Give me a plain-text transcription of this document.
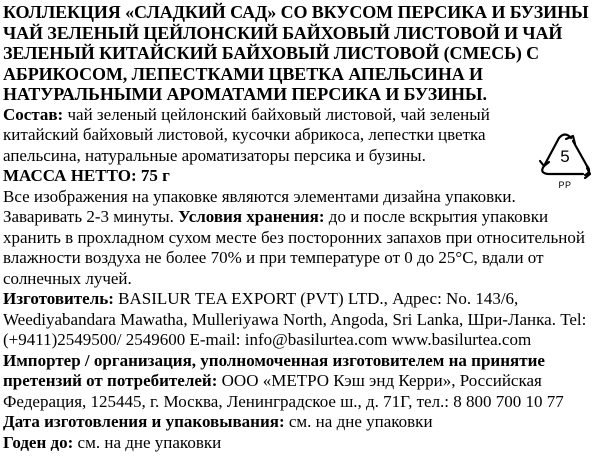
КОЛЛЕКЦИЯ «СЛАДКИЙ САД» СО ВКУСОМ ПЕРСИКА И БУЗИНЫ ЧАЙ ЗЕЛЕНЫЙ ЦЕЙЛОНСКИЙ БАЙХОВЫЙ ЛИСТОВОЙ И ЧАЙ ЗЕЛЕНЫЙ КИТАЙСКИЙ БАЙХОВЫЙ ЛИСТОВОЙ (СМЕСЬ) С АБРИКОСОМ, ЛЕПЕСТКАМИ ЦВЕТКА АПЕЛЬСИНА И НАТУРАЛЬНЫМИ АРОМАТАМИ ПЕРСИКА И БУЗИНЫ.

Состав: чай зеленый цейлонский байховый листовой, чай зеленый китайский байховый листовой, кусочки абрикоса, лепестки цветка апельсина, натуральные ароматизаторы персика и бузины.

МАССА НЕТТО: 75 г

Все изображения на упаковке являются элементами дизайна упаковки.

Заваривать 2-3 минуты. Условия хранения: до и после вскрытия упаковки хранить в прохладном сухом месте без посторонних запахов при относительной влажности воздуха не более 70% и при температуре от 0 до 25°С, вдали от солнечных лучей.

Изготовитель: BASILUR TEA EXPORT (PVT) LTD., Адрес: No. 143/6, Weediyabandara Mawatha, Mulleriyawa North, Angoda, Sri Lanka, Шри-Ланка. Tel: (+9411)2549500/ 2549600 E-mail: info@basilurtea.com www.basilurtea.com

Импортер / организация, уполномоченная изготовителем на принятие претензий от потребителей: ООО «МЕТРО Кэш энд Керри», Российская Федерация, 125445, г. Москва, Ленинградское ш., д. 71Г, тел.: 8 800 700 10 77

Дата изготовления и упаковывания: см. на дне упаковки

Годен до: см. на дне упаковки

5
PP
